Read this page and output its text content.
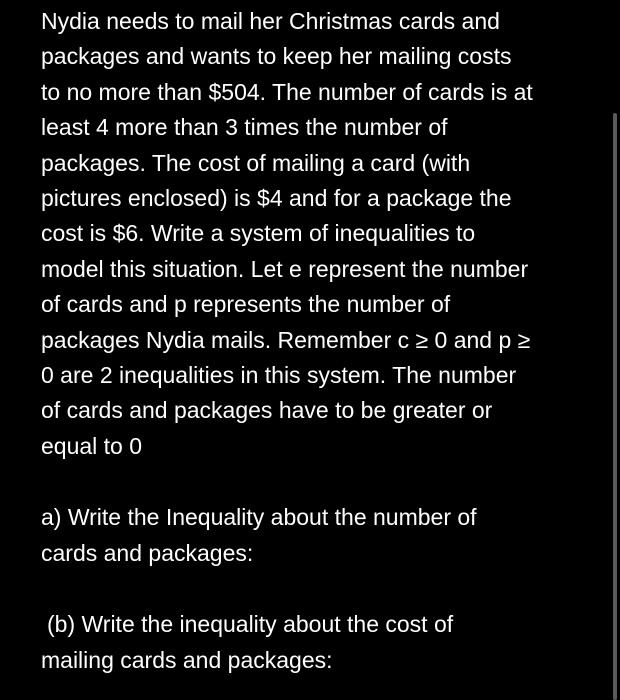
Nydia needs to mail her Christmas cards and
packages and wants to keep her mailing costs
to no more than $504. The number of cards is at
least 4 more than 3 times the number of
packages. The cost of mailing a card (with
pictures enclosed) is $4 and for a package the
cost is $6. Write a system of inequalities to
model this situation. Let e represent the number
of cards and p represents the number of
packages Nydia mails. Remember c ≥ 0 and p ≥
0 are 2 inequalities in this system. The number
of cards and packages have to be greater or
equal to 0
a) Write the Inequality about the number of
cards and packages:
(b) Write the inequality about the cost of
mailing cards and packages:
